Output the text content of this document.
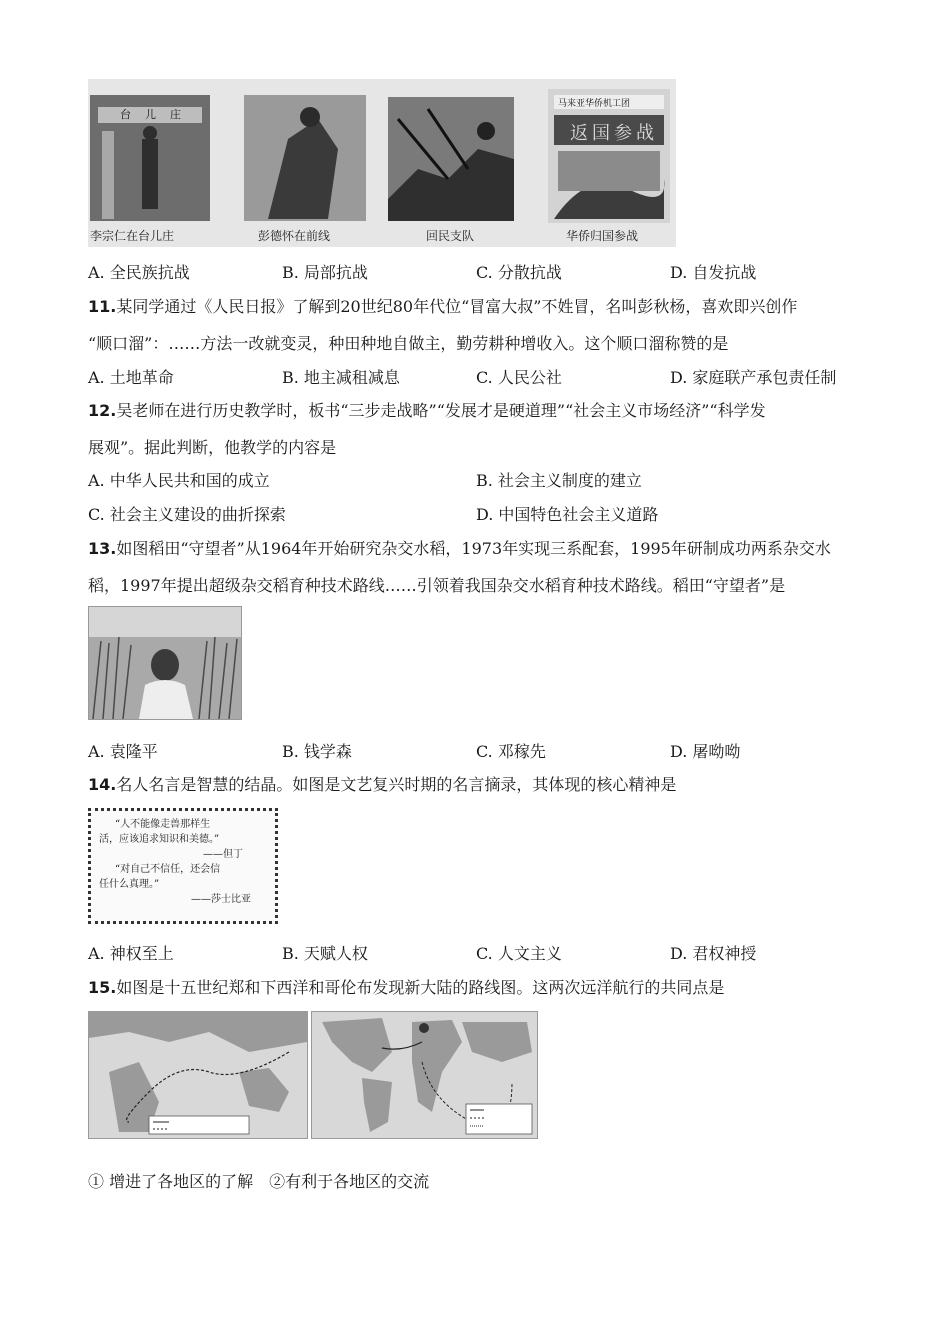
台儿庄
马来亚华侨机工团
返国参战
李宗仁在台儿庄	彭德怀在前线	回民支队	华侨归国参战
A. 全民族抗战	B. 局部抗战	C. 分散抗战	D. 自发抗战
11.某同学通过《人民日报》了解到20世纪80年代位“冒富大叔”不姓冒，名叫彭秋杨，喜欢即兴创作
“顺口溜”：……方法一改就变灵，种田种地自做主，勤劳耕种增收入。这个顺口溜称赞的是
A. 土地革命	B. 地主减租减息	C. 人民公社	D. 家庭联产承包责任制
12.吴老师在进行历史教学时，板书“三步走战略”“发展才是硬道理”“社会主义市场经济”“科学发
展观”。据此判断，他教学的内容是
A. 中华人民共和国的成立	B. 社会主义制度的建立
C. 社会主义建设的曲折探索	D. 中国特色社会主义道路
13.如图稻田“守望者”从1964年开始研究杂交水稻，1973年实现三系配套，1995年研制成功两系杂交水
稻，1997年提出超级杂交稻育种技术路线……引领着我国杂交水稻育种技术路线。稻田“守望者”是
A. 袁隆平	B. 钱学森	C. 邓稼先	D. 屠呦呦
14.名人名言是智慧的结晶。如图是文艺复兴时期的名言摘录，其体现的核心精神是
“人不能像走兽那样生
活，应该追求知识和美德。”
——但丁
“对自己不信任，还会信
任什么真理。”
——莎士比亚
A. 神权至上	B. 天赋人权	C. 人文主义	D. 君权神授
15.如图是十五世纪郑和下西洋和哥伦布发现新大陆的路线图。这两次远洋航行的共同点是
① 增进了各地区的了解　②有利于各地区的交流
